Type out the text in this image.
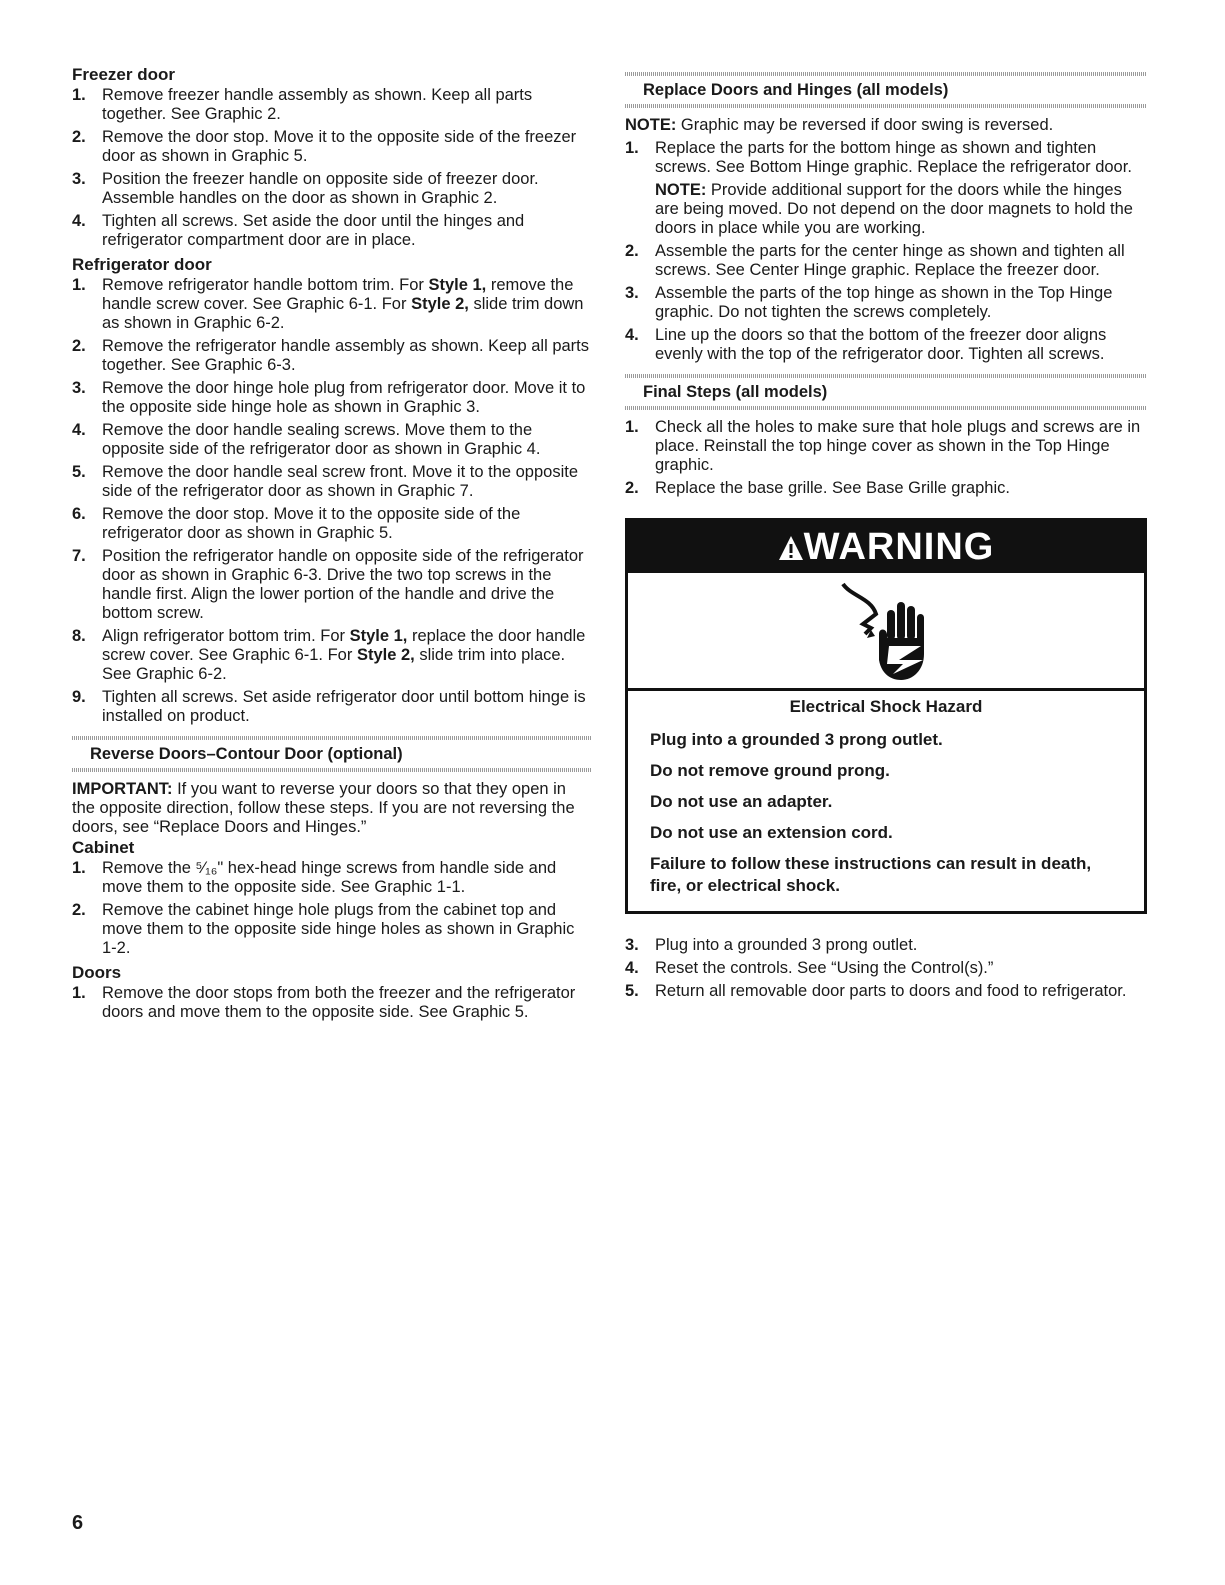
Freezer door
1. Remove freezer handle assembly as shown. Keep all parts together. See Graphic 2.
2. Remove the door stop. Move it to the opposite side of the freezer door as shown in Graphic 5.
3. Position the freezer handle on opposite side of freezer door. Assemble handles on the door as shown in Graphic 2.
4. Tighten all screws. Set aside the door until the hinges and refrigerator compartment door are in place.
Refrigerator door
1. Remove refrigerator handle bottom trim. For Style 1, remove the handle screw cover. See Graphic 6-1. For Style 2, slide trim down as shown in Graphic 6-2.
2. Remove the refrigerator handle assembly as shown. Keep all parts together. See Graphic 6-3.
3. Remove the door hinge hole plug from refrigerator door. Move it to the opposite side hinge hole as shown in Graphic 3.
4. Remove the door handle sealing screws. Move them to the opposite side of the refrigerator door as shown in Graphic 4.
5. Remove the door handle seal screw front. Move it to the opposite side of the refrigerator door as shown in Graphic 7.
6. Remove the door stop. Move it to the opposite side of the refrigerator door as shown in Graphic 5.
7. Position the refrigerator handle on opposite side of the refrigerator door as shown in Graphic 6-3. Drive the two top screws in the handle first. Align the lower portion of the handle and drive the bottom screw.
8. Align refrigerator bottom trim. For Style 1, replace the door handle screw cover. See Graphic 6-1. For Style 2, slide trim into place. See Graphic 6-2.
9. Tighten all screws. Set aside refrigerator door until bottom hinge is installed on product.
Reverse Doors–Contour Door (optional)

IMPORTANT: If you want to reverse your doors so that they open in the opposite direction, follow these steps. If you are not reversing the doors, see “Replace Doors and Hinges.”

Cabinet
1. Remove the ⁵⁄₁₆" hex-head hinge screws from handle side and move them to the opposite side. See Graphic 1-1.
2. Remove the cabinet hinge hole plugs from the cabinet top and move them to the opposite side hinge holes as shown in Graphic 1-2.
Doors
1. Remove the door stops from both the freezer and the refrigerator doors and move them to the opposite side. See Graphic 5.
Replace Doors and Hinges (all models)

NOTE: Graphic may be reversed if door swing is reversed.

1. Replace the parts for the bottom hinge as shown and tighten screws. See Bottom Hinge graphic. Replace the refrigerator door.

NOTE: Provide additional support for the doors while the hinges are being moved. Do not depend on the door magnets to hold the doors in place while you are working.

2. Assemble the parts for the center hinge as shown and tighten all screws. See Center Hinge graphic. Replace the freezer door.
3. Assemble the parts of the top hinge as shown in the Top Hinge graphic. Do not tighten the screws completely.
4. Line up the doors so that the bottom of the freezer door aligns evenly with the top of the refrigerator door. Tighten all screws.
Final Steps (all models)
1. Check all the holes to make sure that hole plugs and screws are in place. Reinstall the top hinge cover as shown in the Top Hinge graphic.
2. Replace the base grille. See Base Grille graphic.
WARNING
Electrical Shock Hazard
Plug into a grounded 3 prong outlet.
Do not remove ground prong.
Do not use an adapter.
Do not use an extension cord.
Failure to follow these instructions can result in death, fire, or electrical shock.
3. Plug into a grounded 3 prong outlet.
4. Reset the controls. See “Using the Control(s).”
5. Return all removable door parts to doors and food to refrigerator.
6
